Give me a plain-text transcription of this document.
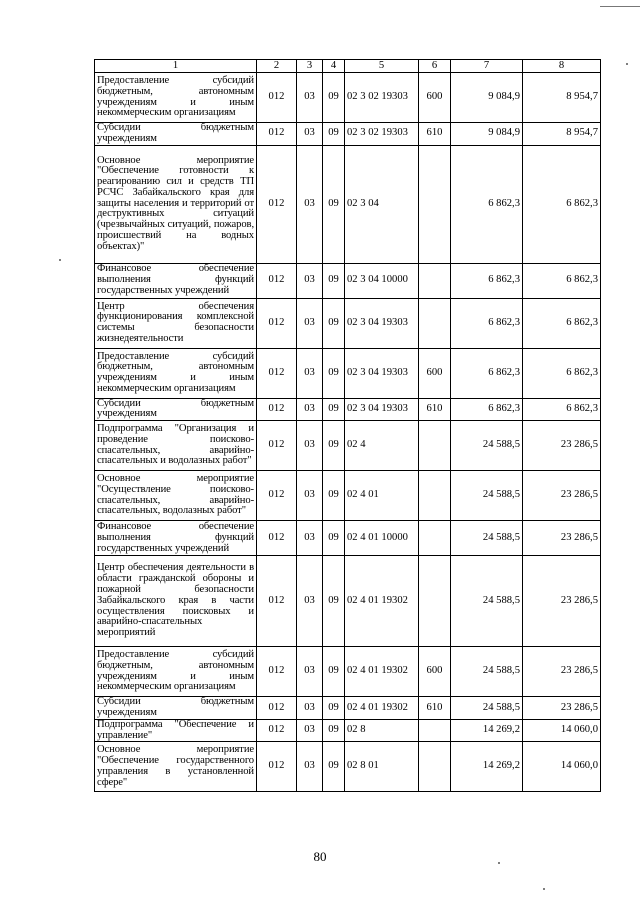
1	2	3	4	5	6	7	8
Предоставление субсидий бюджетным, автономным учреждениям и иным некоммерческим организациям	012	03	09	02 3 02 19303	600	9 084,9	8 954,7
Субсидии бюджетным учреждениям	012	03	09	02 3 02 19303	610	9 084,9	8 954,7
Основное мероприятие "Обеспечение готовности к реагированию сил и средств ТП РСЧС Забайкальского края для защиты населения и территорий от деструктивных ситуаций (чрезвычайных ситуаций, пожаров, происшествий на водных объектах)"	012	03	09	02 3 04		6 862,3	6 862,3
Финансовое обеспечение выполнения функций государственных учреждений	012	03	09	02 3 04 10000		6 862,3	6 862,3
Центр обеспечения функционирования комплексной системы безопасности жизнедеятельности	012	03	09	02 3 04 19303		6 862,3	6 862,3
Предоставление субсидий бюджетным, автономным учреждениям и иным некоммерческим организациям	012	03	09	02 3 04 19303	600	6 862,3	6 862,3
Субсидии бюджетным учреждениям	012	03	09	02 3 04 19303	610	6 862,3	6 862,3
Подпрограмма "Организация и проведение поисково-спасательных, аварийно-спасательных и водолазных работ"	012	03	09	02 4		24 588,5	23 286,5
Основное мероприятие "Осуществление поисково-спасательных, аварийно-спасательных, водолазных работ"	012	03	09	02 4 01		24 588,5	23 286,5
Финансовое обеспечение выполнения функций государственных учреждений	012	03	09	02 4 01 10000		24 588,5	23 286,5
Центр обеспечения деятельности в области гражданской обороны и пожарной безопасности Забайкальского края в части осуществления поисковых и аварийно-спасательных мероприятий	012	03	09	02 4 01 19302		24 588,5	23 286,5
Предоставление субсидий бюджетным, автономным учреждениям и иным некоммерческим организациям	012	03	09	02 4 01 19302	600	24 588,5	23 286,5
Субсидии бюджетным учреждениям	012	03	09	02 4 01 19302	610	24 588,5	23 286,5
Подпрограмма "Обеспечение и управление"	012	03	09	02 8		14 269,2	14 060,0
Основное мероприятие "Обеспечение государственного управления в установленной сфере"	012	03	09	02 8 01		14 269,2	14 060,0
80
